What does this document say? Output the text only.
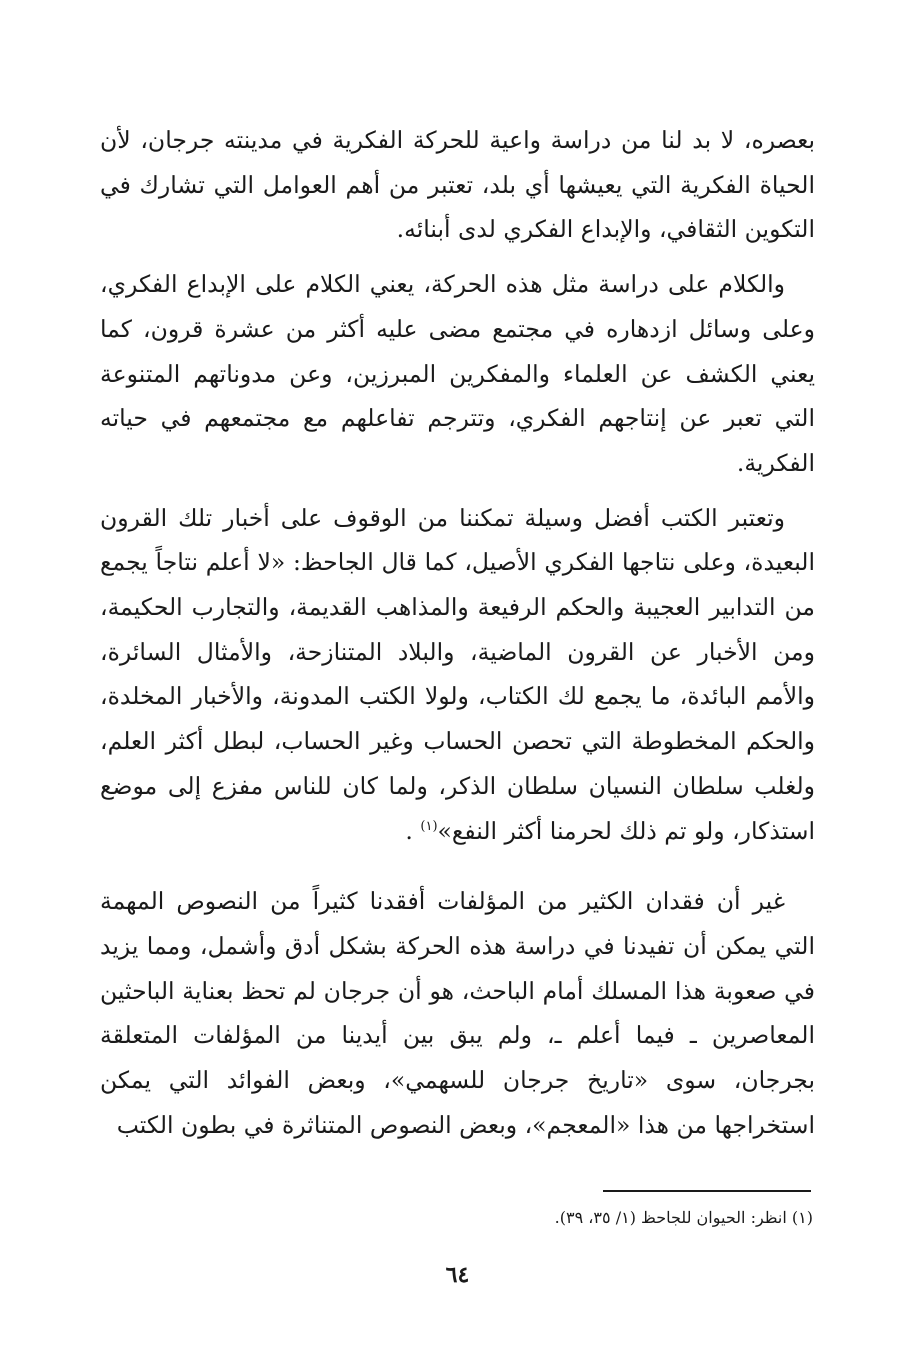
بعصره، لا بد لنا من دراسة واعية للحركة الفكرية في مدينته جرجان، لأن الحياة الفكرية التي يعيشها أي بلد، تعتبر من أهم العوامل التي تشارك في التكوين الثقافي، والإبداع الفكري لدى أبنائه.

والكلام على دراسة مثل هذه الحركة، يعني الكلام على الإبداع الفكري، وعلى وسائل ازدهاره في مجتمع مضى عليه أكثر من عشرة قرون، كما يعني الكشف عن العلماء والمفكرين المبرزين، وعن مدوناتهم المتنوعة التي تعبر عن إنتاجهم الفكري، وتترجم تفاعلهم مع مجتمعهم في حياته الفكرية.

وتعتبر الكتب أفضل وسيلة تمكننا من الوقوف على أخبار تلك القرون البعيدة، وعلى نتاجها الفكري الأصيل، كما قال الجاحظ: «لا أعلم نتاجاً يجمع من التدابير العجيبة والحكم الرفيعة والمذاهب القديمة، والتجارب الحكيمة، ومن الأخبار عن القرون الماضية، والبلاد المتنازحة، والأمثال السائرة، والأمم البائدة، ما يجمع لك الكتاب، ولولا الكتب المدونة، والأخبار المخلدة، والحكم المخطوطة التي تحصن الحساب وغير الحساب، لبطل أكثر العلم، ولغلب سلطان النسيان سلطان الذكر، ولما كان للناس مفزع إلى موضع استذكار، ولو تم ذلك لحرمنا أكثر النفع»$^{(١)}$ .

غير أن فقدان الكثير من المؤلفات أفقدنا كثيراً من النصوص المهمة التي يمكن أن تفيدنا في دراسة هذه الحركة بشكل أدق وأشمل، ومما يزيد في صعوبة هذا المسلك أمام الباحث، هو أن جرجان لم تحظ بعناية الباحثين المعاصرين ـ فيما أعلم ـ، ولم يبق بين أيدينا من المؤلفات المتعلقة بجرجان، سوى «تاريخ جرجان للسهمي»، وبعض الفوائد التي يمكن استخراجها من هذا «المعجم»، وبعض النصوص المتناثرة في بطون الكتب

(١) انظر: الحيوان للجاحظ (١/ ٣٥، ٣٩).
٦٤
